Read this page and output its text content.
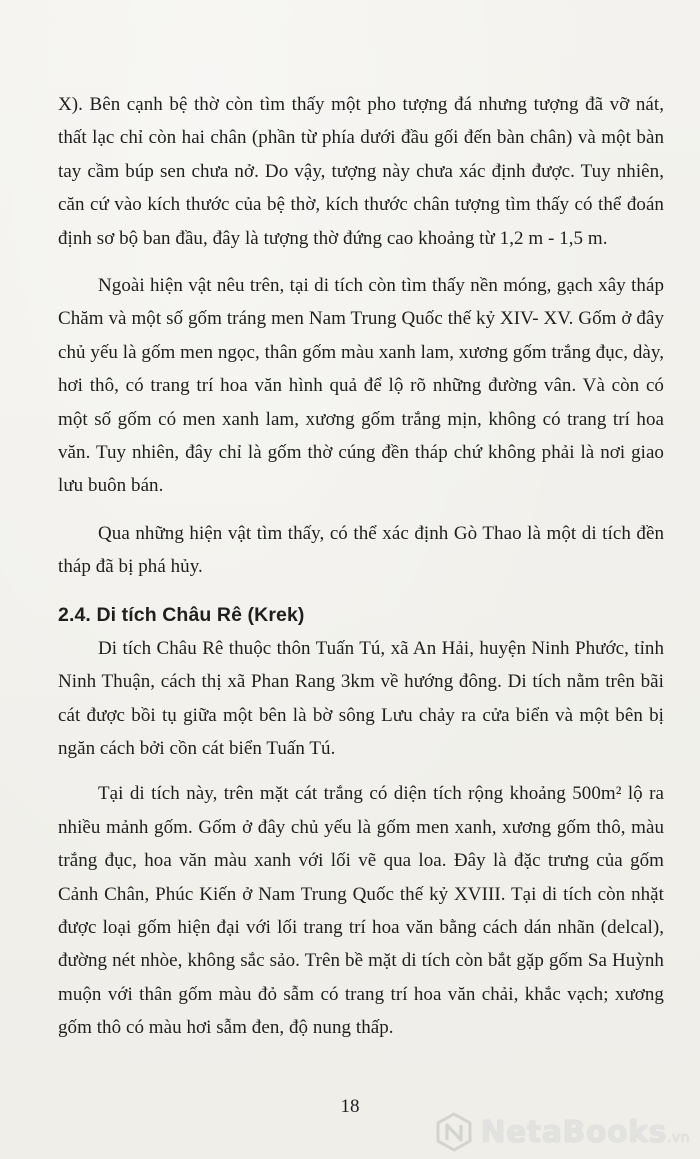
X). Bên cạnh bệ thờ còn tìm thấy một pho tượng đá nhưng tượng đã vỡ nát, thất lạc chỉ còn hai chân (phần từ phía dưới đầu gối đến bàn chân) và một bàn tay cầm búp sen chưa nở. Do vậy, tượng này chưa xác định được. Tuy nhiên, căn cứ vào kích thước của bệ thờ, kích thước chân tượng tìm thấy có thể đoán định sơ bộ ban đầu, đây là tượng thờ đứng cao khoảng từ 1,2 m - 1,5 m.

Ngoài hiện vật nêu trên, tại di tích còn tìm thấy nền móng, gạch xây tháp Chăm và một số gốm tráng men Nam Trung Quốc thế kỷ XIV- XV. Gốm ở đây chủ yếu là gốm men ngọc, thân gốm màu xanh lam, xương gốm trắng đục, dày, hơi thô, có trang trí hoa văn hình quả để lộ rõ những đường vân. Và còn có một số gốm có men xanh lam, xương gốm trắng mịn, không có trang trí hoa văn. Tuy nhiên, đây chỉ là gốm thờ cúng đền tháp chứ không phải là nơi giao lưu buôn bán.

Qua những hiện vật tìm thấy, có thể xác định Gò Thao là một di tích đền tháp đã bị phá hủy.

2.4. Di tích Châu Rê (Krek)

Di tích Châu Rê thuộc thôn Tuấn Tú, xã An Hải, huyện Ninh Phước, tỉnh Ninh Thuận, cách thị xã Phan Rang 3km về hướng đông. Di tích nằm trên bãi cát được bồi tụ giữa một bên là bờ sông Lưu chảy ra cửa biển và một bên bị ngăn cách bởi cồn cát biển Tuấn Tú.

Tại di tích này, trên mặt cát trắng có diện tích rộng khoảng 500m² lộ ra nhiều mảnh gốm. Gốm ở đây chủ yếu là gốm men xanh, xương gốm thô, màu trắng đục, hoa văn màu xanh với lối vẽ qua loa. Đây là đặc trưng của gốm Cảnh Chân, Phúc Kiến ở Nam Trung Quốc thế kỷ XVIII. Tại di tích còn nhặt được loại gốm hiện đại với lối trang trí hoa văn bằng cách dán nhãn (delcal), đường nét nhòe, không sắc sảo. Trên bề mặt di tích còn bắt gặp gốm Sa Huỳnh muộn với thân gốm màu đỏ sẫm có trang trí hoa văn chải, khắc vạch; xương gốm thô có màu hơi sẫm đen, độ nung thấp.

18
NetaBooks.vn
